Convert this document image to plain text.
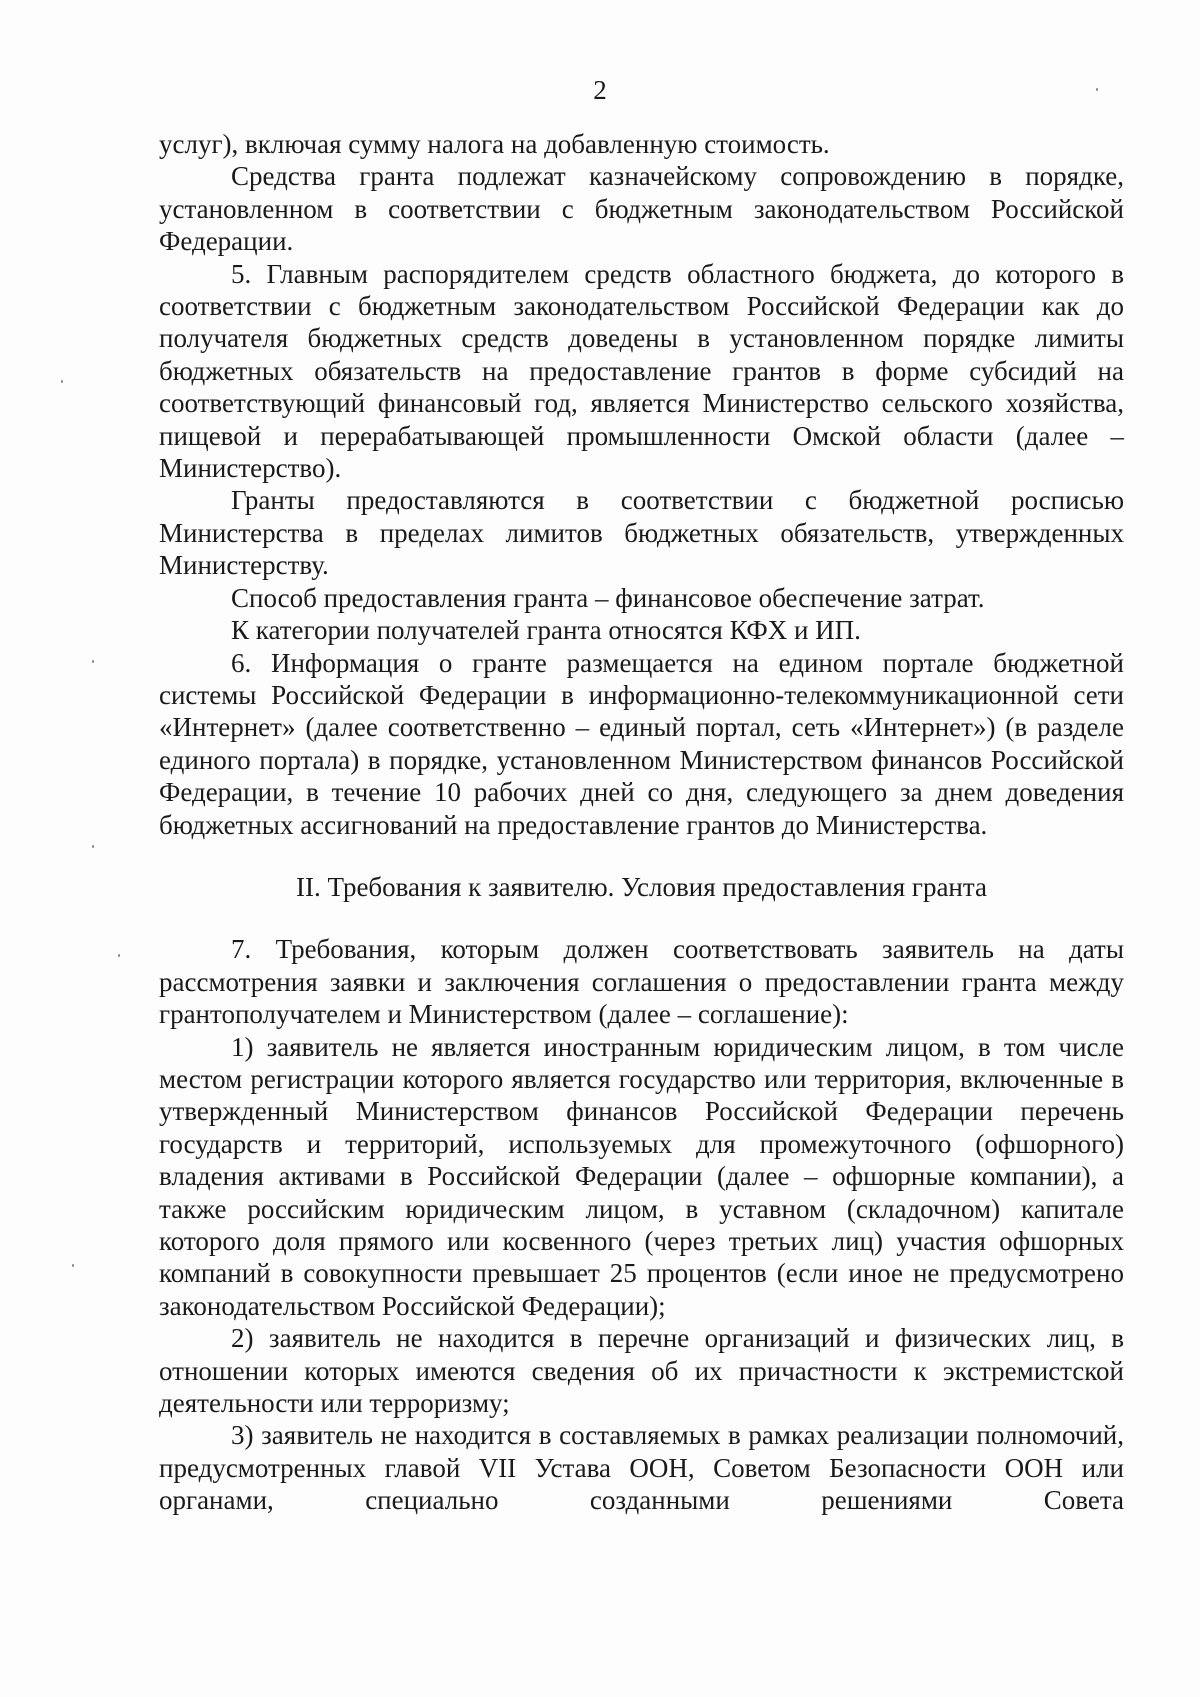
2

услуг), включая сумму налога на добавленную стоимость.

Средства гранта подлежат казначейскому сопровождению в порядке, установленном в соответствии с бюджетным законодательством Российской Федерации.

5. Главным распорядителем средств областного бюджета, до которого в соответствии с бюджетным законодательством Российской Федерации как до получателя бюджетных средств доведены в установленном порядке лимиты бюджетных обязательств на предоставление грантов в форме субсидий на соответствующий финансовый год, является Министерство сельского хозяйства, пищевой и перерабатывающей промышленности Омской области (далее – Министерство).

Гранты предоставляются в соответствии с бюджетной росписью Министерства в пределах лимитов бюджетных обязательств, утвержденных Министерству.

Способ предоставления гранта – финансовое обеспечение затрат.

К категории получателей гранта относятся КФХ и ИП.

6. Информация о гранте размещается на едином портале бюджетной системы Российской Федерации в информационно-телекоммуникационной сети «Интернет» (далее соответственно – единый портал, сеть «Интернет») (в разделе единого портала) в порядке, установленном Министерством финансов Российской Федерации, в течение 10 рабочих дней со дня, следующего за днем доведения бюджетных ассигнований на предоставление грантов до Министерства.

II. Требования к заявителю. Условия предоставления гранта

7. Требования, которым должен соответствовать заявитель на даты рассмотрения заявки и заключения соглашения о предоставлении гранта между грантополучателем и Министерством (далее – соглашение):

1) заявитель не является иностранным юридическим лицом, в том числе местом регистрации которого является государство или территория, включенные в утвержденный Министерством финансов Российской Федерации перечень государств и территорий, используемых для промежуточного (офшорного) владения активами в Российской Федерации (далее – офшорные компании), а также российским юридическим лицом, в уставном (складочном) капитале которого доля прямого или косвенного (через третьих лиц) участия офшорных компаний в совокупности превышает 25 процентов (если иное не предусмотрено законодательством Российской Федерации);

2) заявитель не находится в перечне организаций и физических лиц, в отношении которых имеются сведения об их причастности к экстремистской деятельности или терроризму;

3) заявитель не находится в составляемых в рамках реализации полномочий, предусмотренных главой VII Устава ООН, Советом Безопасности ООН или органами, специально созданными решениями Совета
